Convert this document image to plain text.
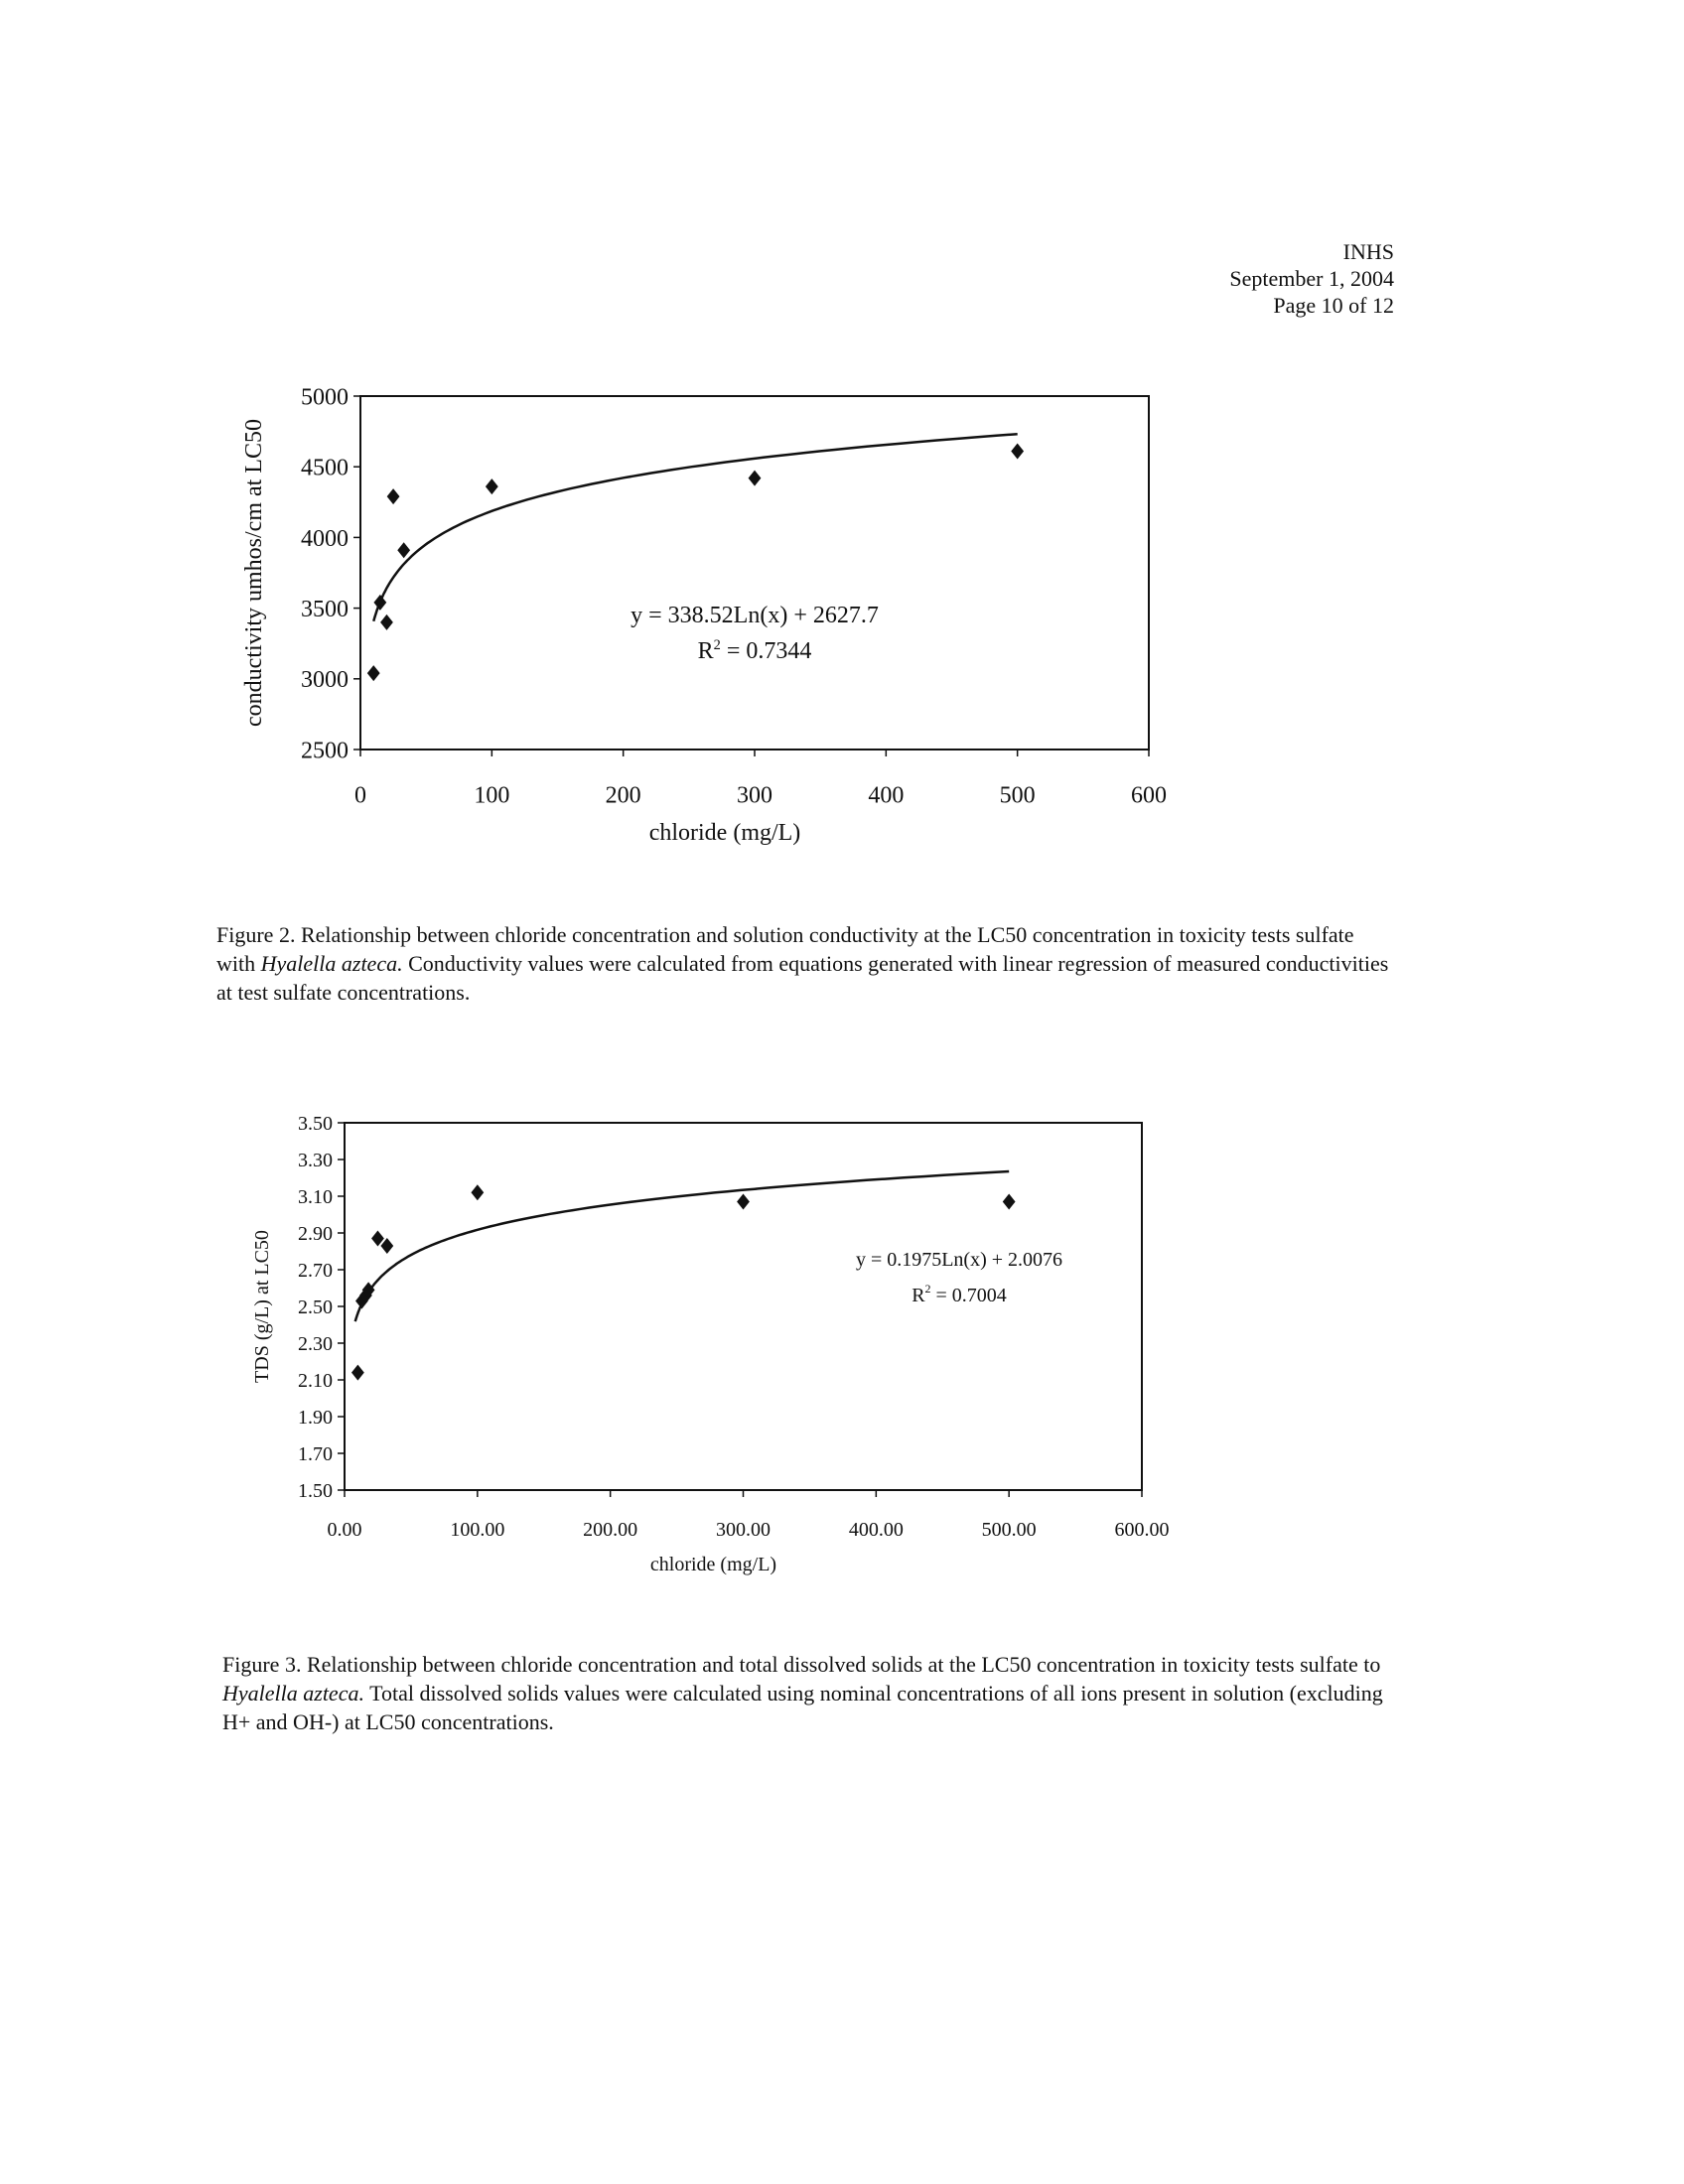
INHS
September 1, 2004
Page 10 of 12
2500
3000
3500
4000
4500
5000
0	100	200	300	400	500	600
chloride (mg/L)
conductivity umhos/cm at LC50	y = 338.52Ln(x) + 2627.7
$R^2 = 0.7344$
1.50
1.70
1.90
2.10
2.30
2.50
2.70
2.90
3.10
3.30
3.50
0.00	100.00	200.00	300.00	400.00	500.00	600.00
chloride (mg/L)
TDS (g/L) at LC50	y = 0.1975Ln(x) + 2.0076
$R^2 = 0.7004$
Figure 2. Relationship between chloride concentration and solution conductivity at the LC50 concentration in toxicity tests sulfate with Hyalella azteca. Conductivity values were calculated from equations generated with linear regression of measured conductivities at test sulfate concentrations.
Figure 3. Relationship between chloride concentration and total dissolved solids at the LC50 concentration in toxicity tests sulfate to Hyalella azteca. Total dissolved solids values were calculated using nominal concentrations of all ions present in solution (excluding H+ and OH-) at LC50 concentrations.
